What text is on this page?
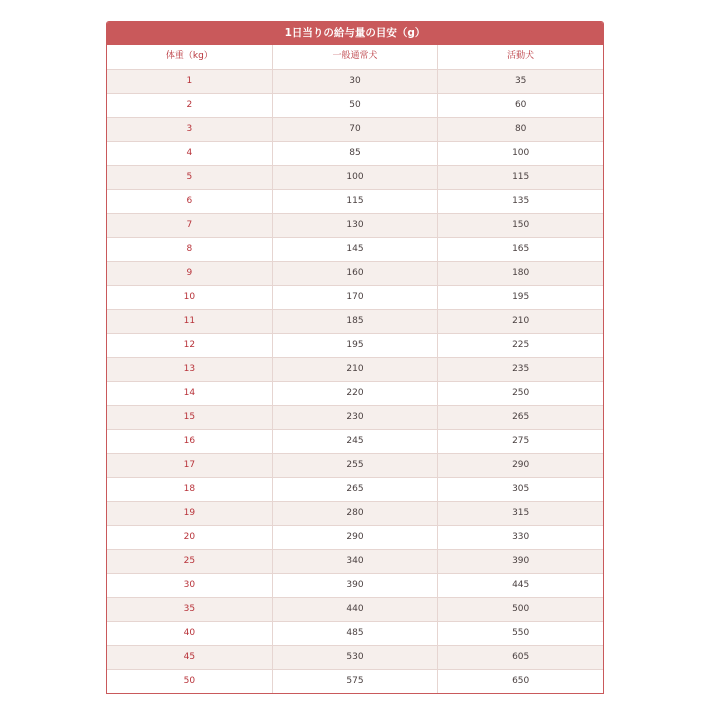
1日当りの給与量の目安（g）
体重（kg）	一般通常犬	活動犬
1	30	35
2	50	60
3	70	80
4	85	100
5	100	115
6	115	135
7	130	150
8	145	165
9	160	180
10	170	195
11	185	210
12	195	225
13	210	235
14	220	250
15	230	265
16	245	275
17	255	290
18	265	305
19	280	315
20	290	330
25	340	390
30	390	445
35	440	500
40	485	550
45	530	605
50	575	650
